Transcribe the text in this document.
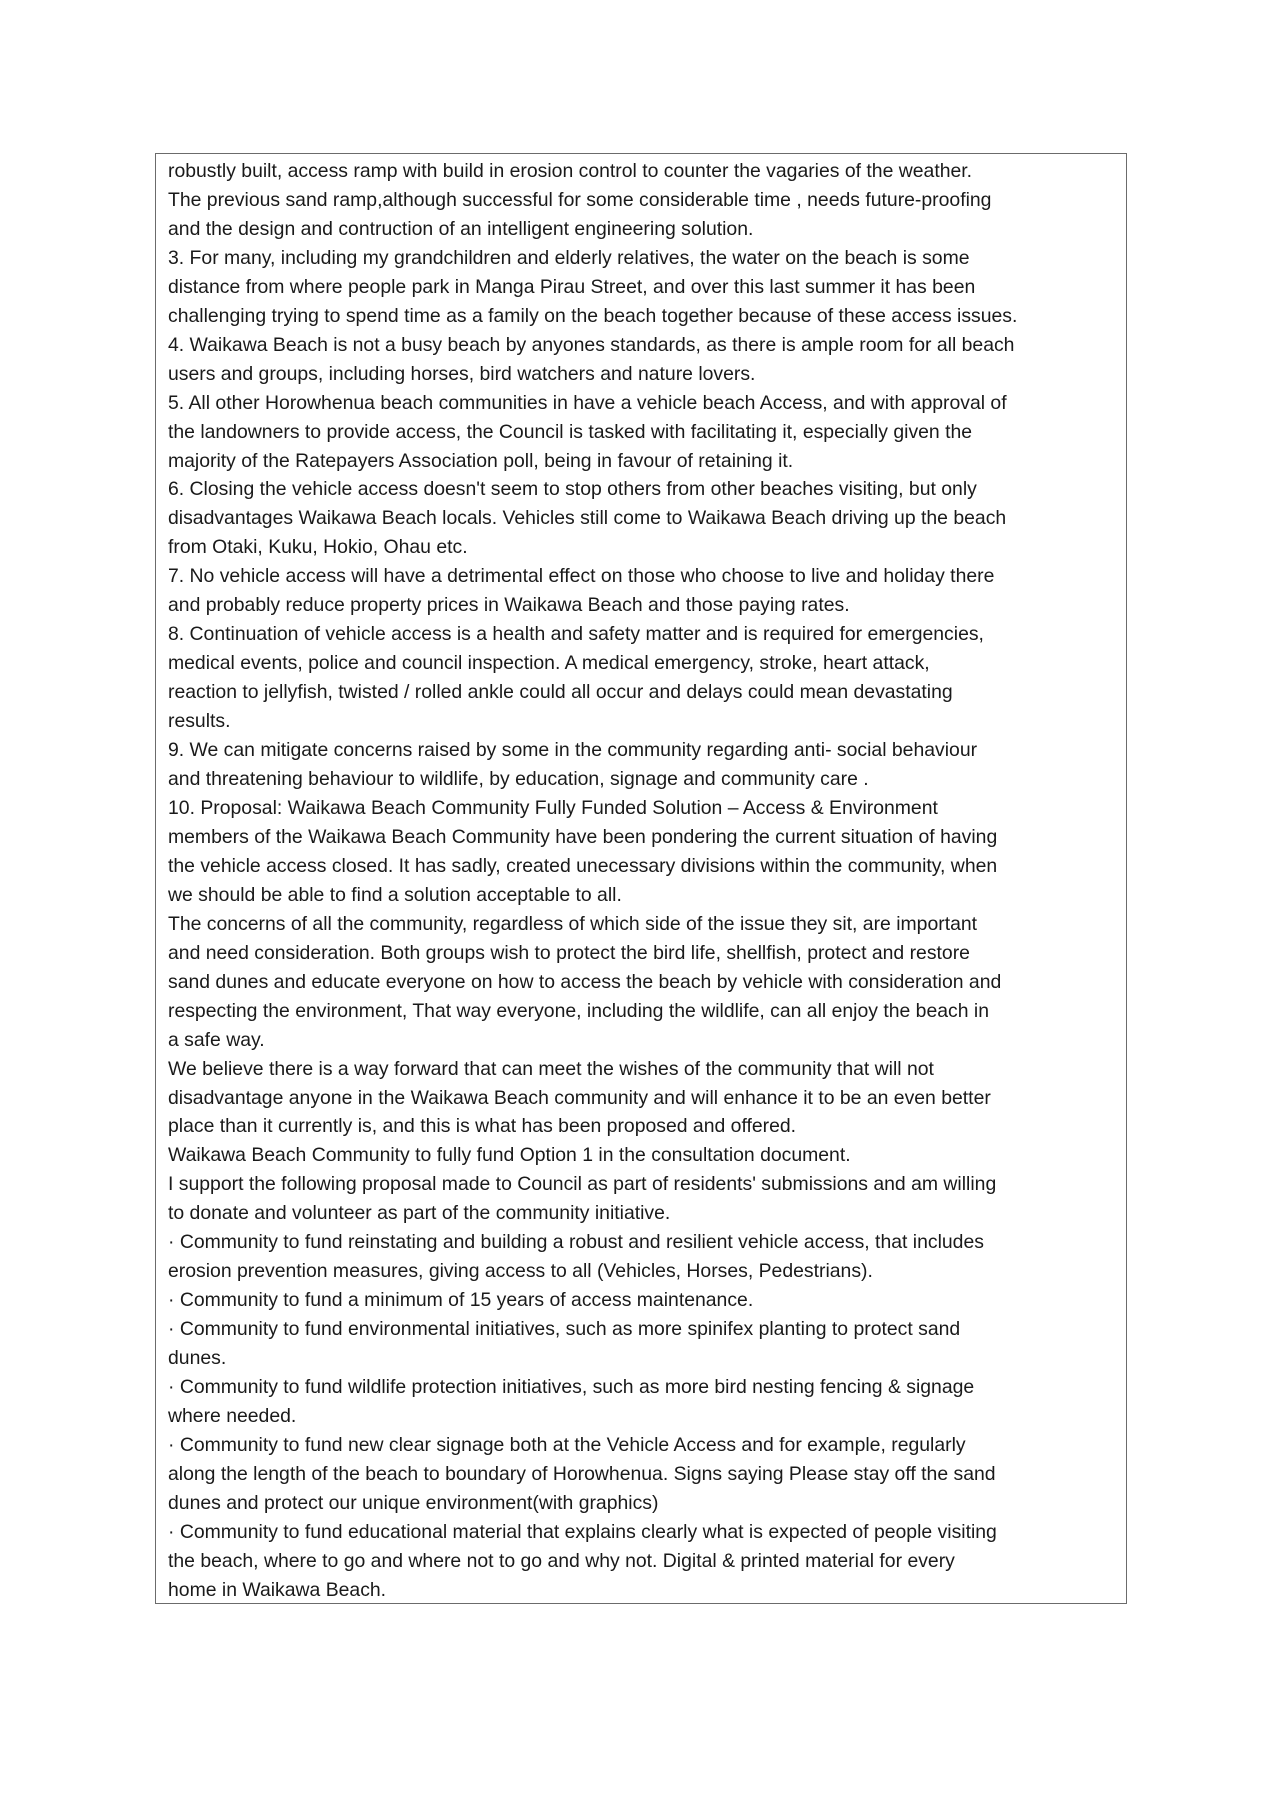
robustly built, access ramp with build in erosion control to counter the vagaries of the weather.
The previous sand ramp,although successful for some considerable time , needs future-proofing
and the design and contruction of an intelligent engineering solution.
3. For many, including my grandchildren and elderly relatives, the water on the beach is some
distance from where people park in Manga Pirau Street, and over this last summer it has been
challenging trying to spend time as a family on the beach together because of these access issues.
4. Waikawa Beach is not a busy beach by anyones standards, as there is ample room for all beach
users and groups, including horses, bird watchers and nature lovers.
5. All other Horowhenua beach communities in have a vehicle beach Access, and with approval of
the landowners to provide access, the Council is tasked with facilitating it, especially given the
majority of the Ratepayers Association poll, being in favour of retaining it.
6. Closing the vehicle access doesn't seem to stop others from other beaches visiting, but only
disadvantages Waikawa Beach locals. Vehicles still come to Waikawa Beach driving up the beach
from Otaki, Kuku, Hokio, Ohau etc.
7. No vehicle access will have a detrimental effect on those who choose to live and holiday there
and probably reduce property prices in Waikawa Beach and those paying rates.
8. Continuation of vehicle access is a health and safety matter and is required for emergencies,
medical events, police and council inspection. A medical emergency, stroke, heart attack,
reaction to jellyfish, twisted / rolled ankle could all occur and delays could mean devastating
results.
9. We can mitigate concerns raised by some in the community regarding anti- social behaviour
and threatening behaviour to wildlife, by education, signage and community care .
10. Proposal: Waikawa Beach Community Fully Funded Solution – Access & Environment
members of the Waikawa Beach Community have been pondering the current situation of having
the vehicle access closed. It has sadly, created unecessary divisions within the community, when
we should be able to find a solution acceptable to all.
The concerns of all the community, regardless of which side of the issue they sit, are important
and need consideration. Both groups wish to protect the bird life, shellfish, protect and restore
sand dunes and educate everyone on how to access the beach by vehicle with consideration and
respecting the environment, That way everyone, including the wildlife, can all enjoy the beach in
a safe way.
We believe there is a way forward that can meet the wishes of the community that will not
disadvantage anyone in the Waikawa Beach community and will enhance it to be an even better
place than it currently is, and this is what has been proposed and offered.
Waikawa Beach Community to fully fund Option 1 in the consultation document.
I support the following proposal made to Council as part of residents' submissions and am willing
to donate and volunteer as part of the community initiative.
· Community to fund reinstating and building a robust and resilient vehicle access, that includes
erosion prevention measures, giving access to all (Vehicles, Horses, Pedestrians).
· Community to fund a minimum of 15 years of access maintenance.
· Community to fund environmental initiatives, such as more spinifex planting to protect sand
dunes.
· Community to fund wildlife protection initiatives, such as more bird nesting fencing & signage
where needed.
· Community to fund new clear signage both at the Vehicle Access and for example, regularly
along the length of the beach to boundary of Horowhenua. Signs saying Please stay off the sand
dunes and protect our unique environment(with graphics)
· Community to fund educational material that explains clearly what is expected of people visiting
the beach, where to go and where not to go and why not. Digital & printed material for every
home in Waikawa Beach.
